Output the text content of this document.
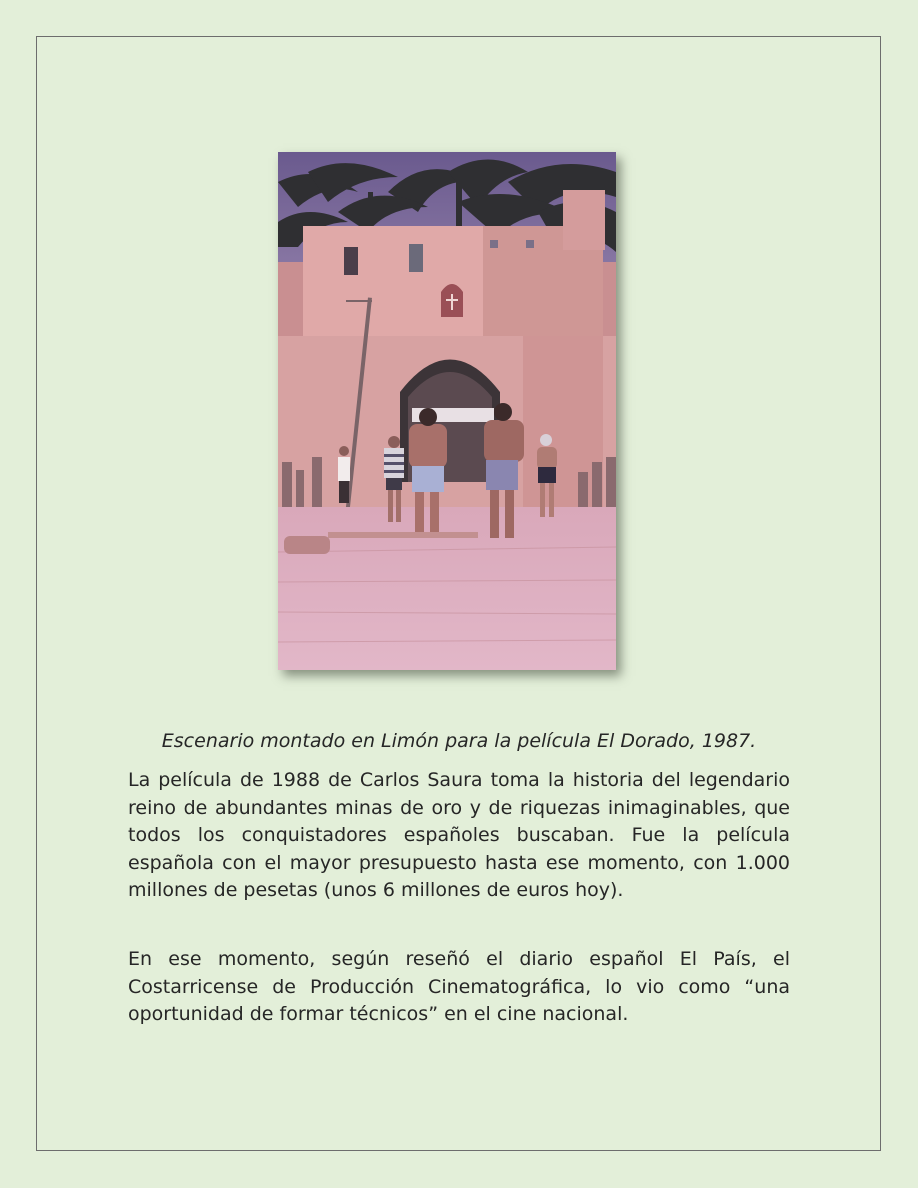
Escenario montado en Limón para la película El Dorado, 1987.

La película de 1988 de Carlos Saura toma la historia del legendario reino de abundantes minas de oro y de riquezas inimaginables, que todos los conquistadores españoles buscaban. Fue la película española con el mayor presupuesto hasta ese momento, con 1.000 millones de pesetas (unos 6 millones de euros hoy).

En ese momento, según reseñó el diario español El País, el Costarricense de Producción Cinematográfica, lo vio como “una oportunidad de formar técnicos” en el cine nacional.
